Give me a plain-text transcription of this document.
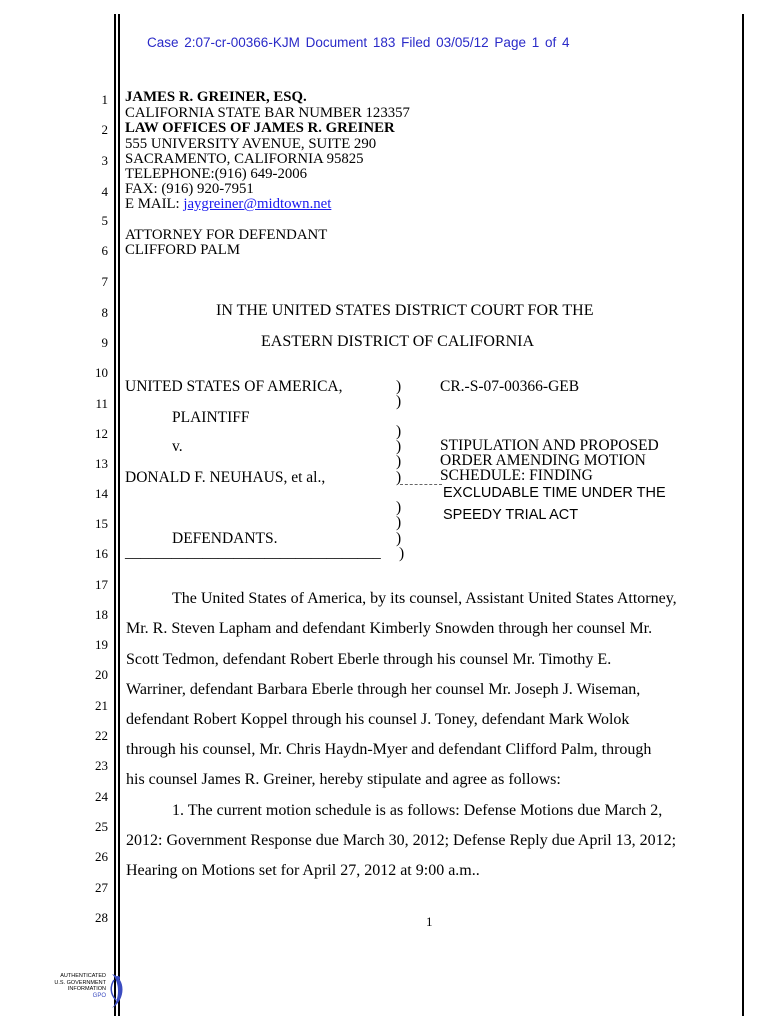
Case 2:07-cr-00366-KJM Document 183 Filed 03/05/12 Page 1 of 4
1
2
3
4
5
6
7
8
9
10
11
12
13
14
15
16
17
18
19
20
21
22
23
24
25
26
27
28
JAMES R. GREINER, ESQ.
CALIFORNIA STATE BAR NUMBER 123357
LAW OFFICES OF JAMES R. GREINER
555 UNIVERSITY AVENUE, SUITE 290
SACRAMENTO, CALIFORNIA 95825
TELEPHONE:(916) 649-2006
FAX: (916) 920-7951
E MAIL: jaygreiner@midtown.net
ATTORNEY FOR DEFENDANT
CLIFFORD PALM
IN THE UNITED STATES DISTRICT COURT FOR THE
EASTERN DISTRICT OF CALIFORNIA
UNITED STATES OF AMERICA,
PLAINTIFF
v.
DONALD F. NEUHAUS, et al.,
DEFENDANTS.
_________________________________
)
)
)
)
)
)
)
)
)
)
CR.-S-07-00366-GEB
STIPULATION AND PROPOSED
ORDER AMENDING MOTION
SCHEDULE: FINDING
EXCLUDABLE TIME UNDER THE
SPEEDY TRIAL ACT
The United States of America, by its counsel, Assistant United States Attorney,
Mr. R. Steven Lapham and defendant Kimberly Snowden through her counsel Mr.
Scott Tedmon, defendant Robert Eberle through his counsel Mr. Timothy E.
Warriner, defendant Barbara Eberle through her counsel Mr. Joseph J. Wiseman,
defendant Robert Koppel through his counsel J. Toney, defendant Mark Wolok
through his counsel, Mr. Chris Haydn-Myer and defendant Clifford Palm, through
his counsel James R. Greiner, hereby stipulate and agree as follows:
1. The current motion schedule is as follows: Defense Motions due March 2,
2012: Government Response due March 30, 2012; Defense Reply due April 13, 2012;
Hearing on Motions set for April 27, 2012 at 9:00 a.m..
1
AUTHENTICATED
U.S. GOVERNMENT
INFORMATION
GPO
